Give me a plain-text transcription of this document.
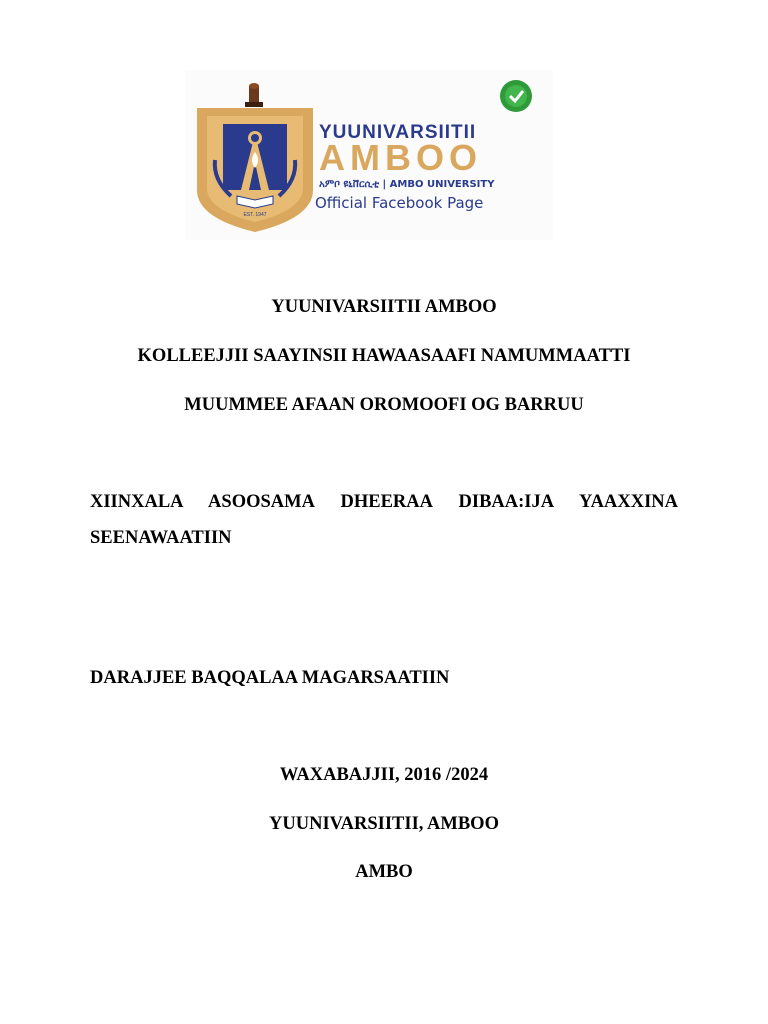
EST. 1947
YUUNIVARSIITII
AMBOO
አምቦ ዩኒቨርሲቲ | AMBO UNIVERSITY
Official Facebook Page
YUUNIVARSIITII AMBOO
KOLLEEJJII SAAYINSII HAWAASAAFI NAMUMMAATTI
MUUMMEE AFAAN OROMOOFI OG BARRUU
XIINXALA ASOOSAMA DHEERAA DIBAA:IJA YAAXXINA
SEENAWAATIIN
DARAJJEE BAQQALAA MAGARSAATIIN
WAXABAJJII, 2016 /2024
YUUNIVARSIITII, AMBOO
AMBO
